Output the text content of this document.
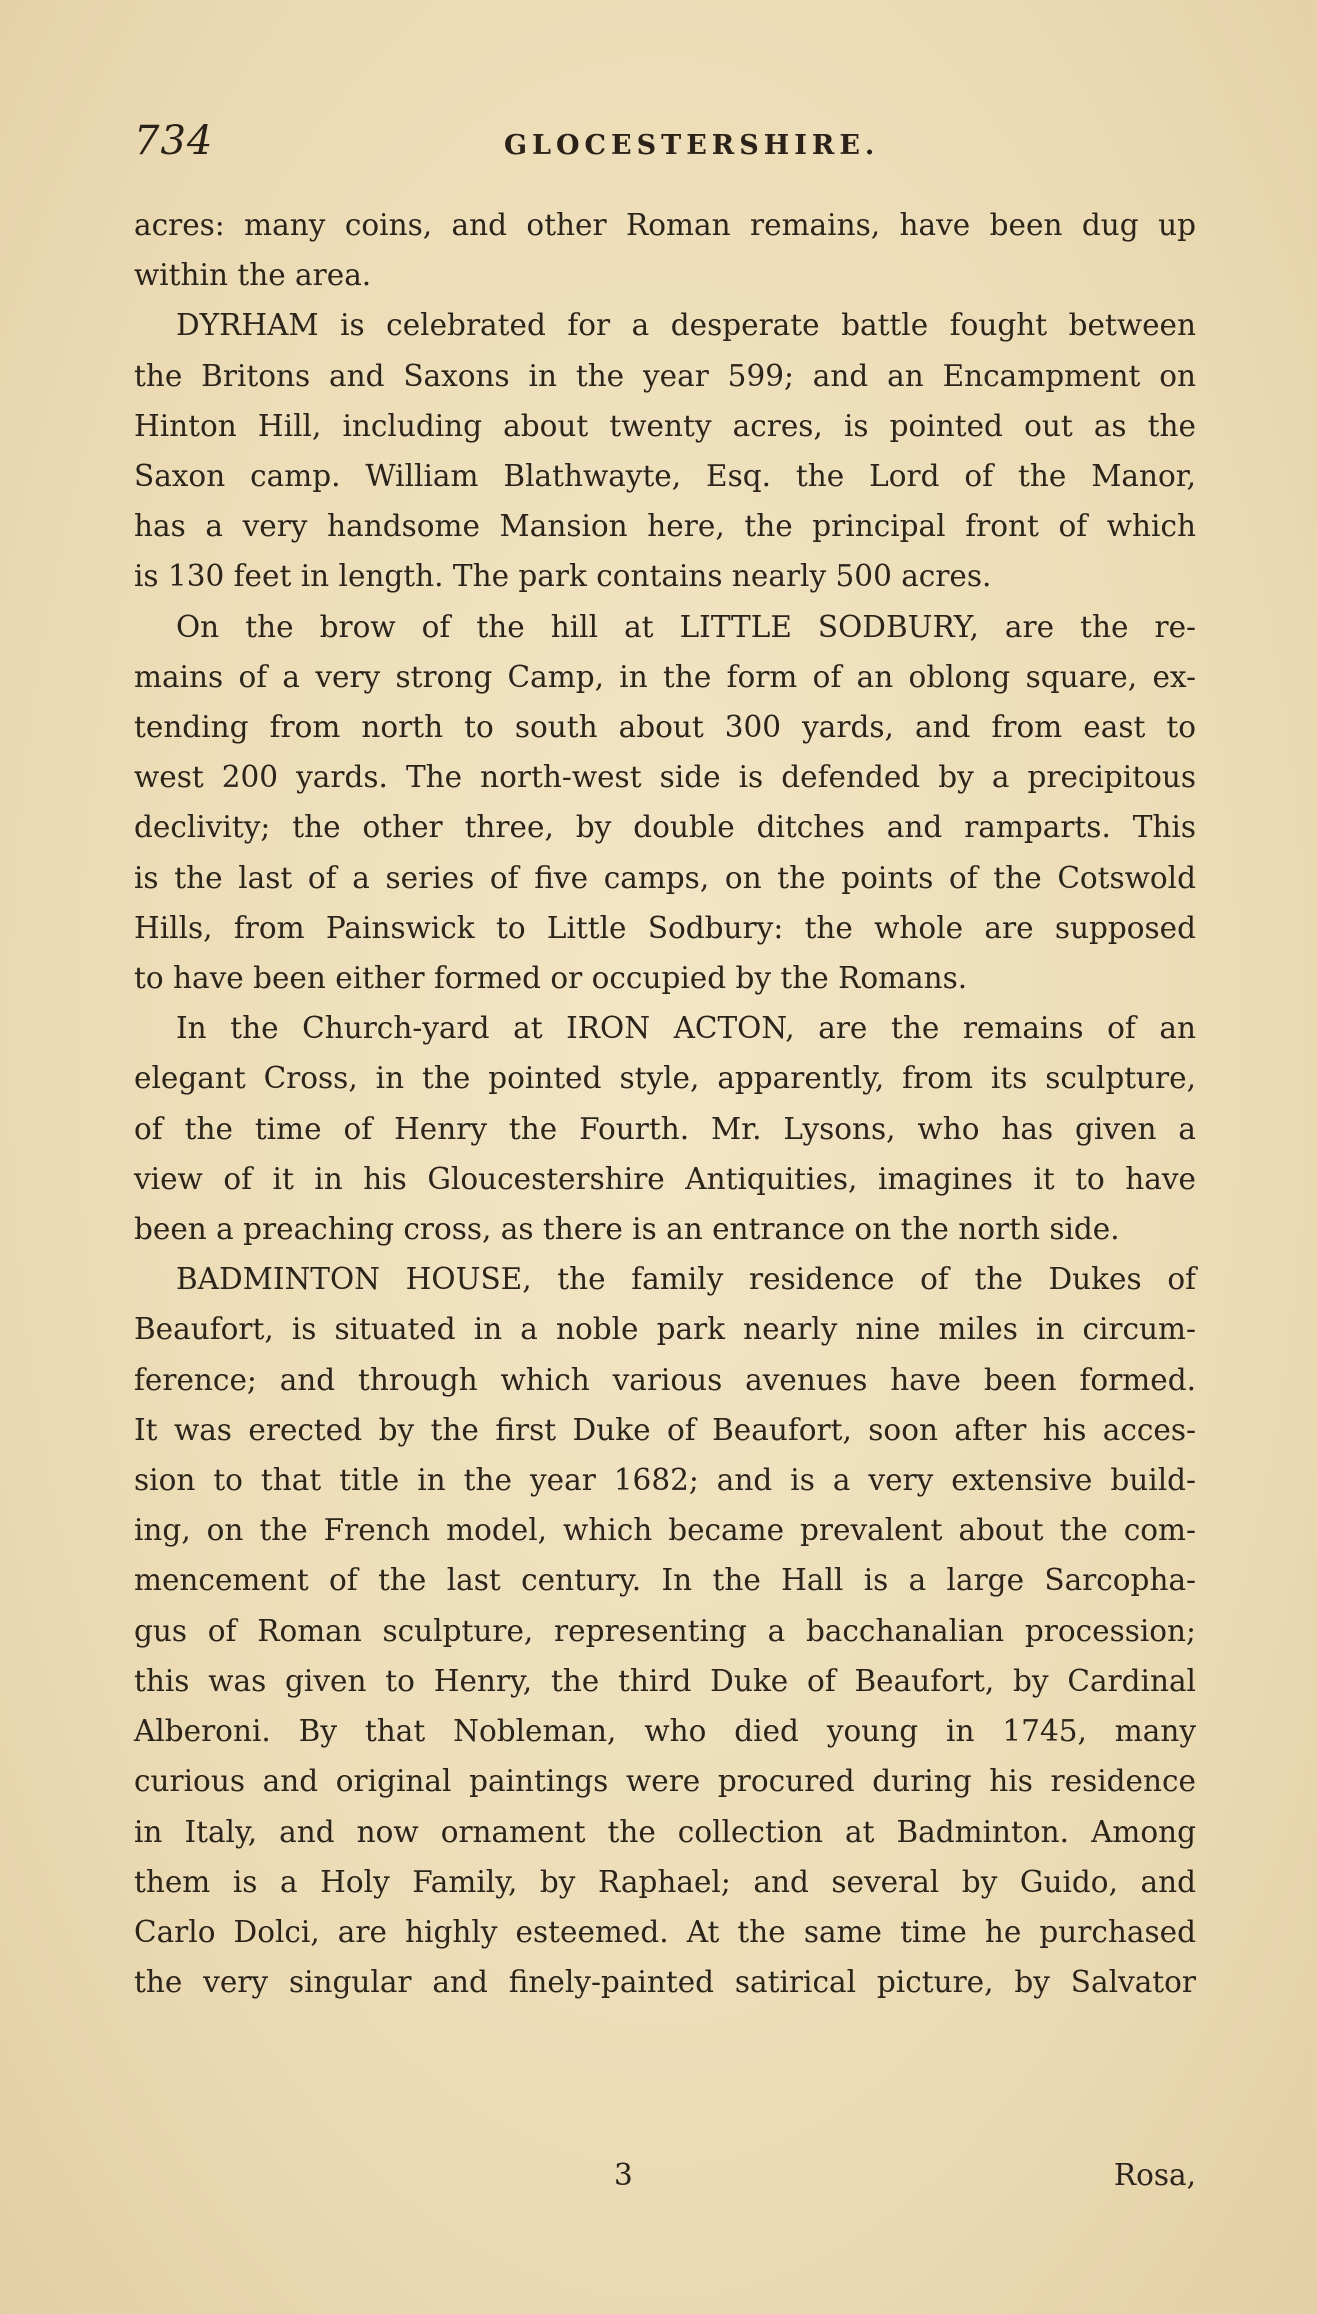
734	GLOCESTERSHIRE.
acres: many coins, and other Roman remains, have been dug up
within the area.
DYRHAM is celebrated for a desperate battle fought between
the Britons and Saxons in the year 599; and an Encampment on
Hinton Hill, including about twenty acres, is pointed out as the
Saxon camp. William Blathwayte, Esq. the Lord of the Manor,
has a very handsome Mansion here, the principal front of which
is 130 feet in length. The park contains nearly 500 acres.
On the brow of the hill at LITTLE SODBURY, are the re-
mains of a very strong Camp, in the form of an oblong square, ex-
tending from north to south about 300 yards, and from east to
west 200 yards. The north-west side is defended by a precipitous
declivity; the other three, by double ditches and ramparts. This
is the last of a series of five camps, on the points of the Cotswold
Hills, from Painswick to Little Sodbury: the whole are supposed
to have been either formed or occupied by the Romans.
In the Church-yard at IRON ACTON, are the remains of an
elegant Cross, in the pointed style, apparently, from its sculpture,
of the time of Henry the Fourth. Mr. Lysons, who has given a
view of it in his Gloucestershire Antiquities, imagines it to have
been a preaching cross, as there is an entrance on the north side.
BADMINTON HOUSE, the family residence of the Dukes of
Beaufort, is situated in a noble park nearly nine miles in circum-
ference; and through which various avenues have been formed.
It was erected by the first Duke of Beaufort, soon after his acces-
sion to that title in the year 1682; and is a very extensive build-
ing, on the French model, which became prevalent about the com-
mencement of the last century. In the Hall is a large Sarcopha-
gus of Roman sculpture, representing a bacchanalian procession;
this was given to Henry, the third Duke of Beaufort, by Cardinal
Alberoni. By that Nobleman, who died young in 1745, many
curious and original paintings were procured during his residence
in Italy, and now ornament the collection at Badminton. Among
them is a Holy Family, by Raphael; and several by Guido, and
Carlo Dolci, are highly esteemed. At the same time he purchased
the very singular and finely-painted satirical picture, by Salvator
3	Rosa,
